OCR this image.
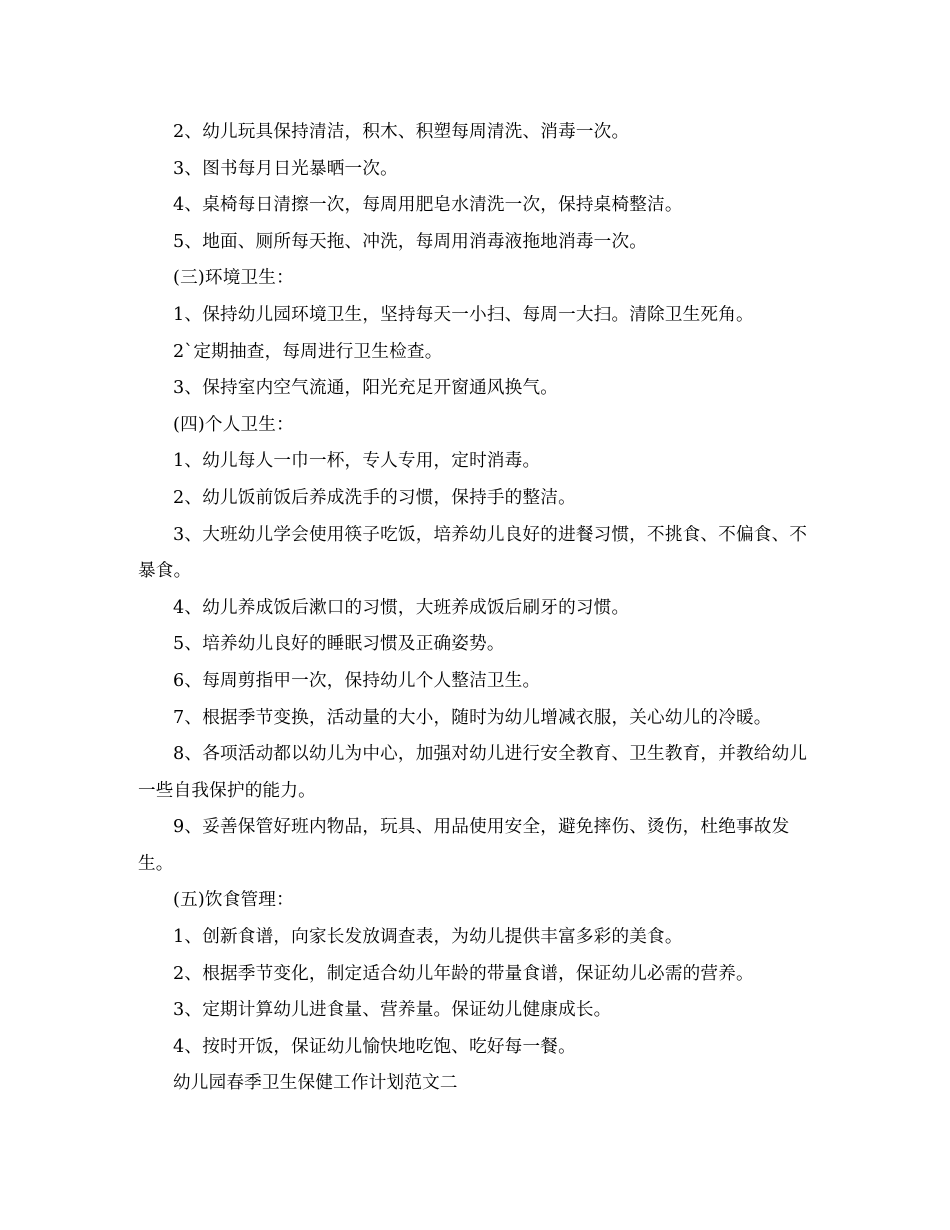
2、幼儿玩具保持清洁，积木、积塑每周清洗、消毒一次。

3、图书每月日光暴晒一次。

4、桌椅每日清擦一次，每周用肥皂水清洗一次，保持桌椅整洁。

5、地面、厕所每天拖、冲洗，每周用消毒液拖地消毒一次。

(三)环境卫生：

1、保持幼儿园环境卫生，坚持每天一小扫、每周一大扫。清除卫生死角。

2`定期抽查，每周进行卫生检查。

3、保持室内空气流通，阳光充足开窗通风换气。

(四)个人卫生：

1、幼儿每人一巾一杯，专人专用，定时消毒。

2、幼儿饭前饭后养成洗手的习惯，保持手的整洁。

3、大班幼儿学会使用筷子吃饭，培养幼儿良好的进餐习惯，不挑食、不偏食、不暴食。

4、幼儿养成饭后漱口的习惯，大班养成饭后刷牙的习惯。

5、培养幼儿良好的睡眠习惯及正确姿势。

6、每周剪指甲一次，保持幼儿个人整洁卫生。

7、根据季节变换，活动量的大小，随时为幼儿增减衣服，关心幼儿的冷暖。

8、各项活动都以幼儿为中心，加强对幼儿进行安全教育、卫生教育，并教给幼儿一些自我保护的能力。

9、妥善保管好班内物品，玩具、用品使用安全，避免摔伤、烫伤，杜绝事故发生。

(五)饮食管理：

1、创新食谱，向家长发放调查表，为幼儿提供丰富多彩的美食。

2、根据季节变化，制定适合幼儿年龄的带量食谱，保证幼儿必需的营养。

3、定期计算幼儿进食量、营养量。保证幼儿健康成长。

4、按时开饭，保证幼儿愉快地吃饱、吃好每一餐。

幼儿园春季卫生保健工作计划范文二
